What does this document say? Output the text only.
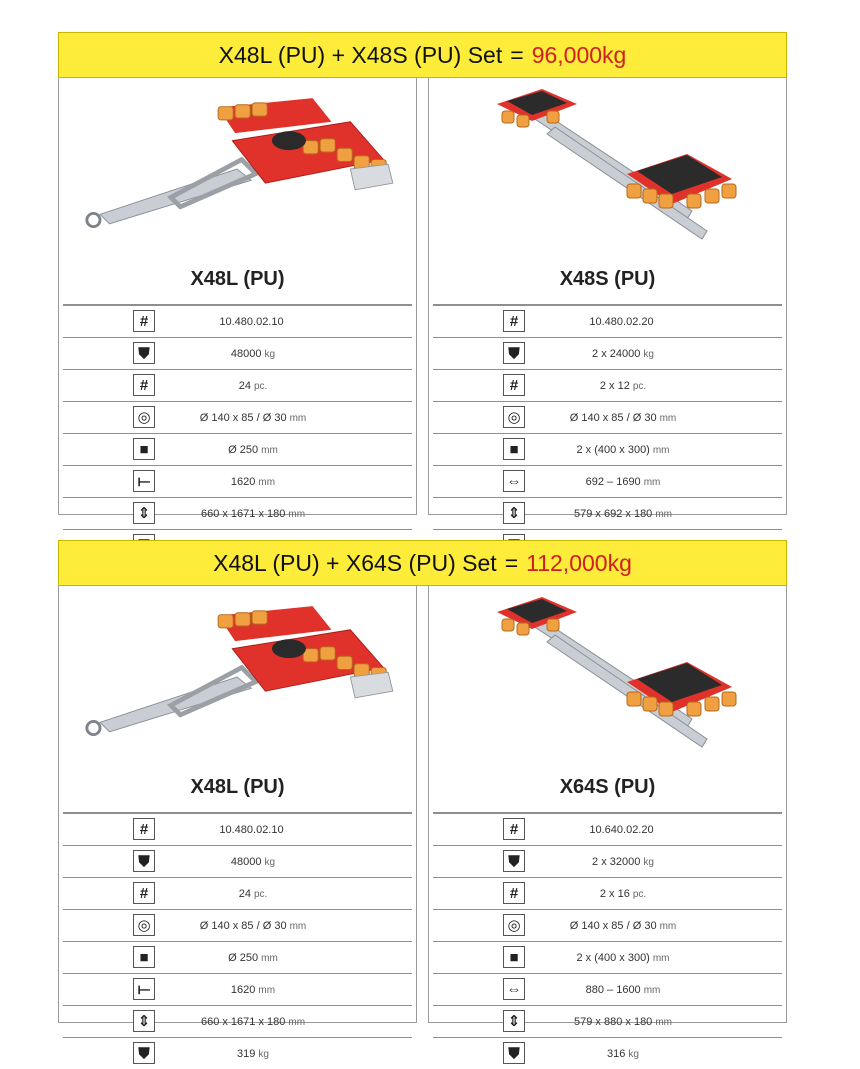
X48L (PU) + X48S (PU) Set = 96,000kg
X48L (PU)
#	10.480.02.10
⛊	48000 kg
#	24 pc.
◎	Ø 140 x 85 / Ø 30 mm
■	Ø 250 mm
⟝	1620 mm
⇕	660 x 1671 x 180 mm
X48S (PU)
#	10.480.02.20
⛊	2 x 24000 kg
#	2 x 12 pc.
◎	Ø 140 x 85 / Ø 30 mm
■	2 x (400 x 300) mm
⇔	692 – 1690 mm
⇕	579 x 692 x 180 mm
X48L (PU) + X64S (PU) Set = 112,000kg
X48L (PU)
#	10.480.02.10
⛊	48000 kg
#	24 pc.
◎	Ø 140 x 85 / Ø 30 mm
■	Ø 250 mm
⟝	1620 mm
⇕	660 x 1671 x 180 mm
⛊	319 kg
X64S (PU)
#	10.640.02.20
⛊	2 x 32000 kg
#	2 x 16 pc.
◎	Ø 140 x 85 / Ø 30 mm
■	2 x (400 x 300) mm
⇔	880 – 1600 mm
⇕	579 x 880 x 180 mm
⛊	316 kg
